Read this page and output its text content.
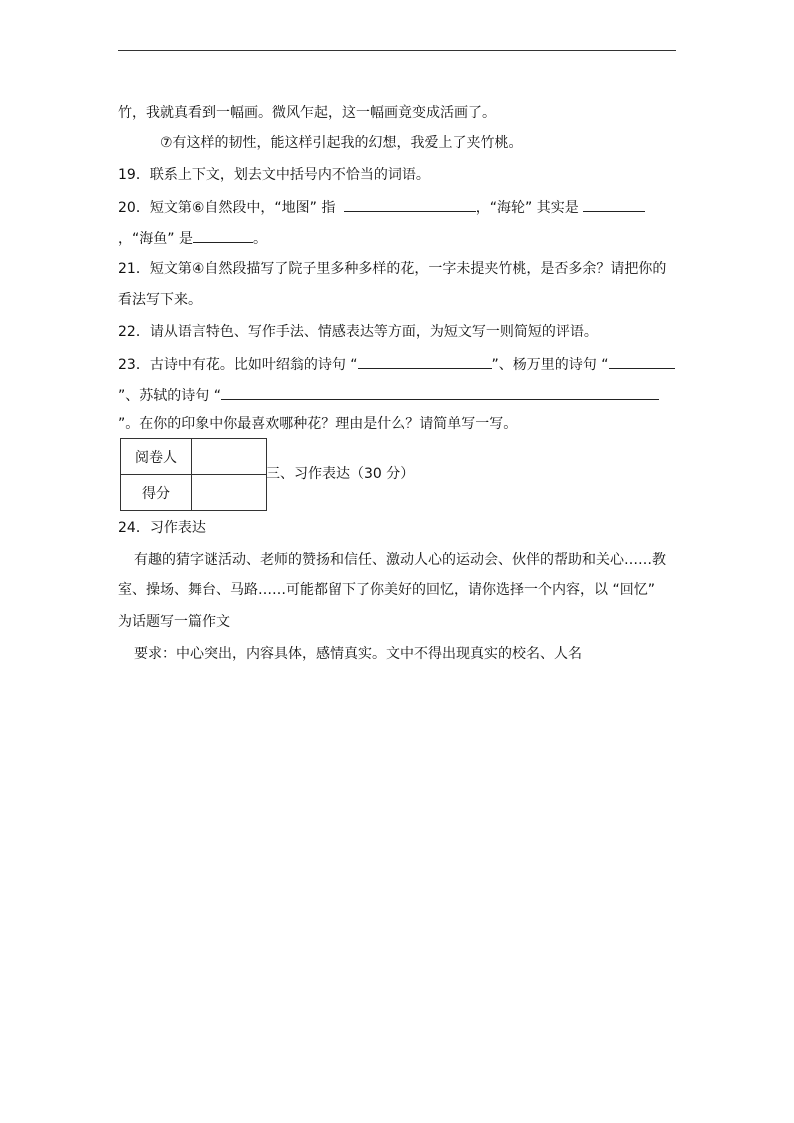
竹，我就真看到一幅画。微风乍起，这一幅画竟变成活画了。
⑦有这样的韧性，能这样引起我的幻想，我爱上了夹竹桃。
19．联系上下文，划去文中括号内不恰当的词语。
20．短文第⑥自然段中，“地图” 指	，“海轮” 其实是
，“海鱼” 是	。
21．短文第④自然段描写了院子里多种多样的花，一字未提夹竹桃，是否多余？请把你的
看法写下来。
22．请从语言特色、写作手法、情感表达等方面，为短文写一则简短的评语。
23．古诗中有花。比如叶绍翁的诗句 “	”、杨万里的诗句 “
”、苏轼的诗句 “
”。在你的印象中你最喜欢哪种花？理由是什么？请简单写一写。
阅卷人	
得分	
三、习作表达（30 分）
24．习作表达
有趣的猜字谜活动、老师的赞扬和信任、激动人心的运动会、伙伴的帮助和关心……教
室、操场、舞台、马路……可能都留下了你美好的回忆，请你选择一个内容，以 “回忆”
为话题写一篇作文
要求：中心突出，内容具体，感情真实。文中不得出现真实的校名、人名
